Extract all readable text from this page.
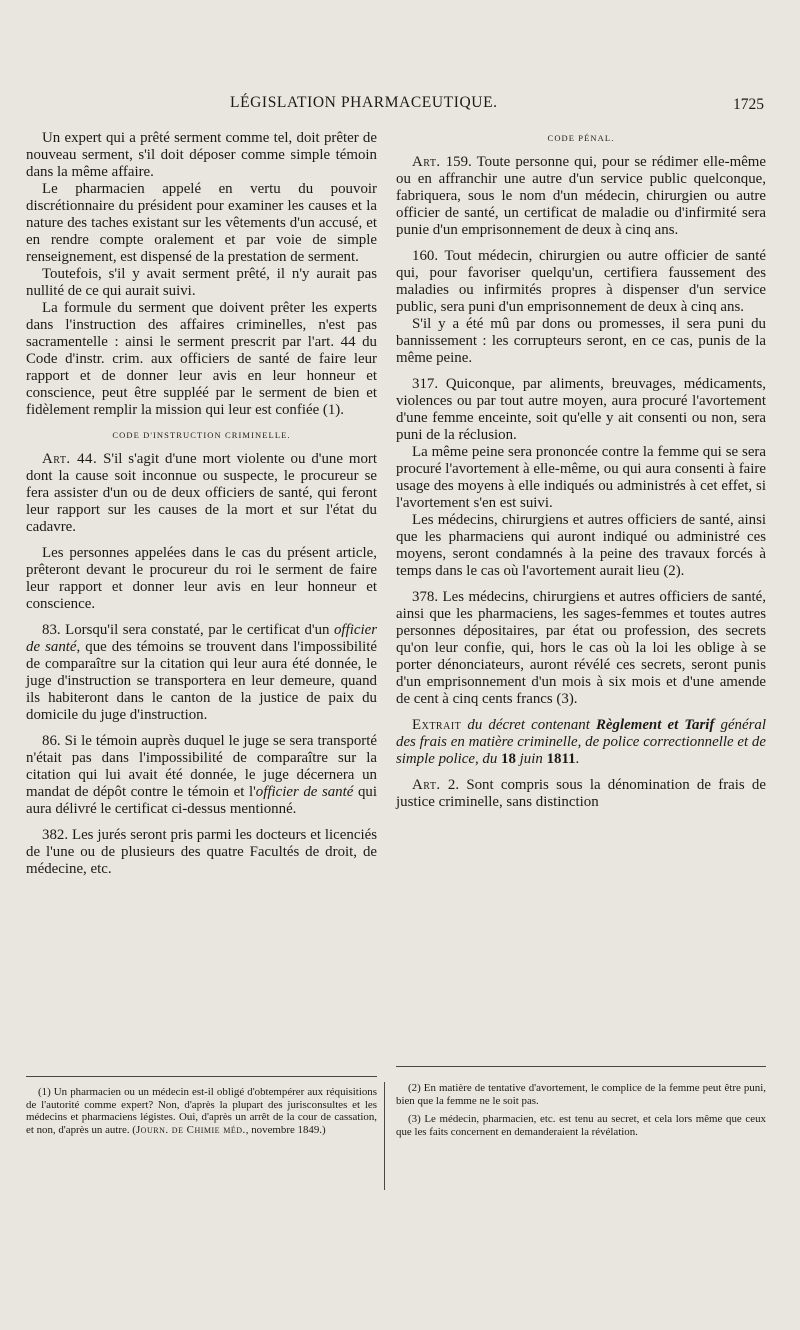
LÉGISLATION PHARMACEUTIQUE.	1725

Un expert qui a prêté serment comme tel, doit prêter de nouveau serment, s'il doit déposer comme simple témoin dans la même affaire.

Le pharmacien appelé en vertu du pouvoir discrétionnaire du président pour examiner les causes et la nature des taches existant sur les vêtements d'un accusé, et en rendre compte oralement et par voie de simple renseignement, est dispensé de la prestation de serment.

Toutefois, s'il y avait serment prêté, il n'y aurait pas nullité de ce qui aurait suivi.

La formule du serment que doivent prêter les experts dans l'instruction des affaires criminelles, n'est pas sacramentelle : ainsi le serment prescrit par l'art. 44 du Code d'instr. crim. aux officiers de santé de faire leur rapport et de donner leur avis en leur honneur et conscience, peut être suppléé par le serment de bien et fidèlement remplir la mission qui leur est confiée (1).

CODE D'INSTRUCTION CRIMINELLE.

Art. 44. S'il s'agit d'une mort violente ou d'une mort dont la cause soit inconnue ou suspecte, le procureur se fera assister d'un ou de deux officiers de santé, qui feront leur rapport sur les causes de la mort et sur l'état du cadavre.

Les personnes appelées dans le cas du présent article, prêteront devant le procureur du roi le serment de faire leur rapport et donner leur avis en leur honneur et conscience.

83. Lorsqu'il sera constaté, par le certificat d'un officier de santé, que des témoins se trouvent dans l'impossibilité de comparaître sur la citation qui leur aura été donnée, le juge d'instruction se transportera en leur demeure, quand ils habiteront dans le canton de la justice de paix du domicile du juge d'instruction.

86. Si le témoin auprès duquel le juge se sera transporté n'était pas dans l'impossibilité de comparaître sur la citation qui lui avait été donnée, le juge décernera un mandat de dépôt contre le témoin et l'officier de santé qui aura délivré le certificat ci-dessus mentionné.

382. Les jurés seront pris parmi les docteurs et licenciés de l'une ou de plusieurs des quatre Facultés de droit, de médecine, etc.

CODE PÉNAL.

Art. 159. Toute personne qui, pour se rédimer elle-même ou en affranchir une autre d'un service public quelconque, fabriquera, sous le nom d'un médecin, chirurgien ou autre officier de santé, un certificat de maladie ou d'infirmité sera punie d'un emprisonnement de deux à cinq ans.

160. Tout médecin, chirurgien ou autre officier de santé qui, pour favoriser quelqu'un, certifiera faussement des maladies ou infirmités propres à dispenser d'un service public, sera puni d'un emprisonnement de deux à cinq ans.

S'il y a été mû par dons ou promesses, il sera puni du bannissement : les corrupteurs seront, en ce cas, punis de la même peine.

317. Quiconque, par aliments, breuvages, médicaments, violences ou par tout autre moyen, aura procuré l'avortement d'une femme enceinte, soit qu'elle y ait consenti ou non, sera puni de la réclusion.

La même peine sera prononcée contre la femme qui se sera procuré l'avortement à elle-même, ou qui aura consenti à faire usage des moyens à elle indiqués ou administrés à cet effet, si l'avortement s'en est suivi.

Les médecins, chirurgiens et autres officiers de santé, ainsi que les pharmaciens qui auront indiqué ou administré ces moyens, seront condamnés à la peine des travaux forcés à temps dans le cas où l'avortement aurait lieu (2).

378. Les médecins, chirurgiens et autres officiers de santé, ainsi que les pharmaciens, les sages-femmes et toutes autres personnes dépositaires, par état ou profession, des secrets qu'on leur confie, qui, hors le cas où la loi les oblige à se porter dénonciateurs, auront révélé ces secrets, seront punis d'un emprisonnement d'un mois à six mois et d'une amende de cent à cinq cents francs (3).

Extrait du décret contenant Règlement et Tarif général des frais en matière criminelle, de police correctionnelle et de simple police, du 18 juin 1811.

Art. 2. Sont compris sous la dénomination de frais de justice criminelle, sans distinction

(1) Un pharmacien ou un médecin est-il obligé d'obtempérer aux réquisitions de l'autorité comme expert? Non, d'après la plupart des jurisconsultes et les médecins et pharmaciens légistes. Oui, d'après un arrêt de la cour de cassation, et non, d'après un autre. (Journ. de Chimie méd., novembre 1849.)

(2) En matière de tentative d'avortement, le complice de la femme peut être puni, bien que la femme ne le soit pas.

(3) Le médecin, pharmacien, etc. est tenu au secret, et cela lors même que ceux que les faits concernent en demanderaient la révélation.
